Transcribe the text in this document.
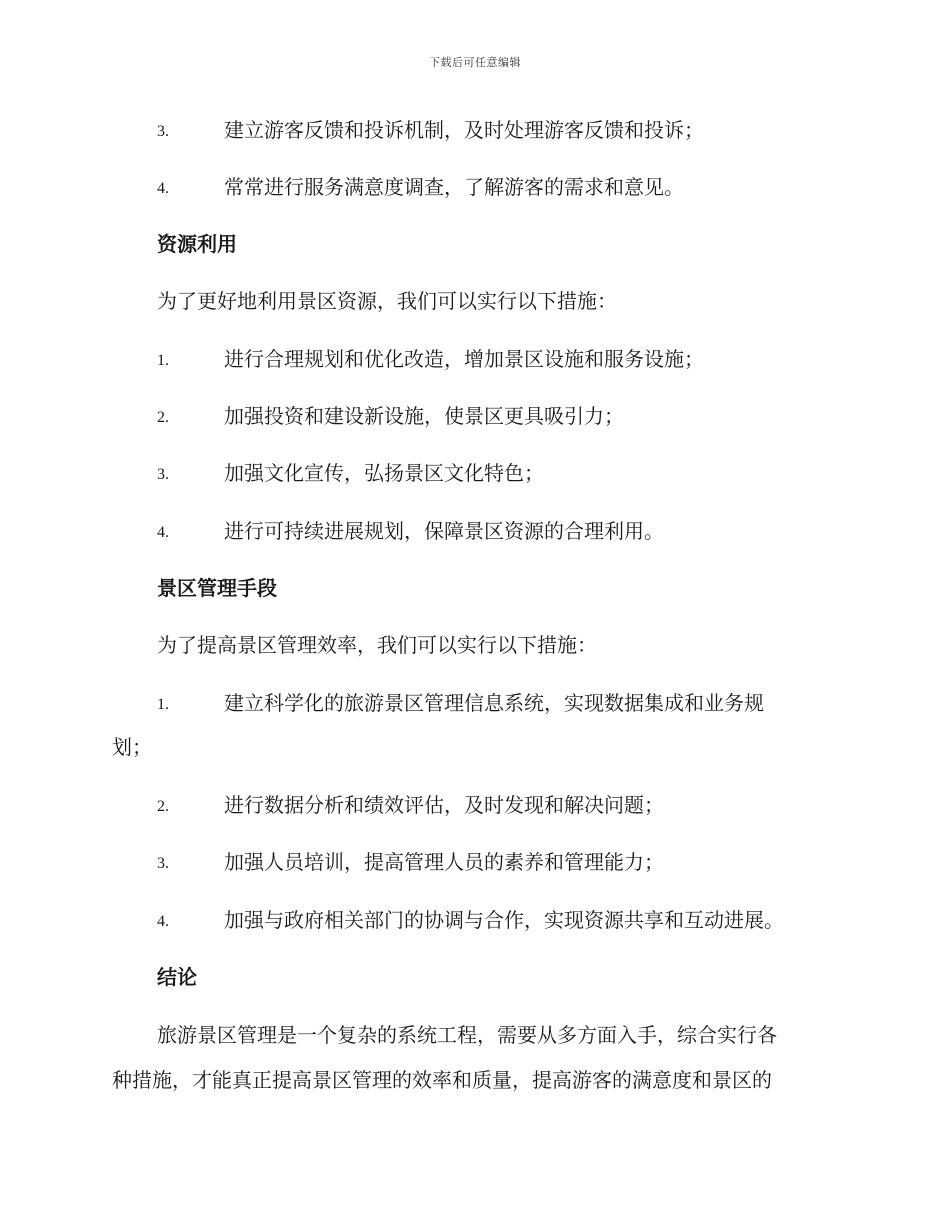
下载后可任意编辑
3.	建立游客反馈和投诉机制，及时处理游客反馈和投诉；
4.	常常进行服务满意度调查，了解游客的需求和意见。
资源利用
为了更好地利用景区资源，我们可以实行以下措施：
1.	进行合理规划和优化改造，增加景区设施和服务设施；
2.	加强投资和建设新设施，使景区更具吸引力；
3.	加强文化宣传，弘扬景区文化特色；
4.	进行可持续进展规划，保障景区资源的合理利用。
景区管理手段
为了提高景区管理效率，我们可以实行以下措施：
1.	建立科学化的旅游景区管理信息系统，实现数据集成和业务规
划；
2.	进行数据分析和绩效评估，及时发现和解决问题；
3.	加强人员培训，提高管理人员的素养和管理能力；
4.	加强与政府相关部门的协调与合作，实现资源共享和互动进展。
结论
旅游景区管理是一个复杂的系统工程，需要从多方面入手，综合实行各
种措施，才能真正提高景区管理的效率和质量，提高游客的满意度和景区的
